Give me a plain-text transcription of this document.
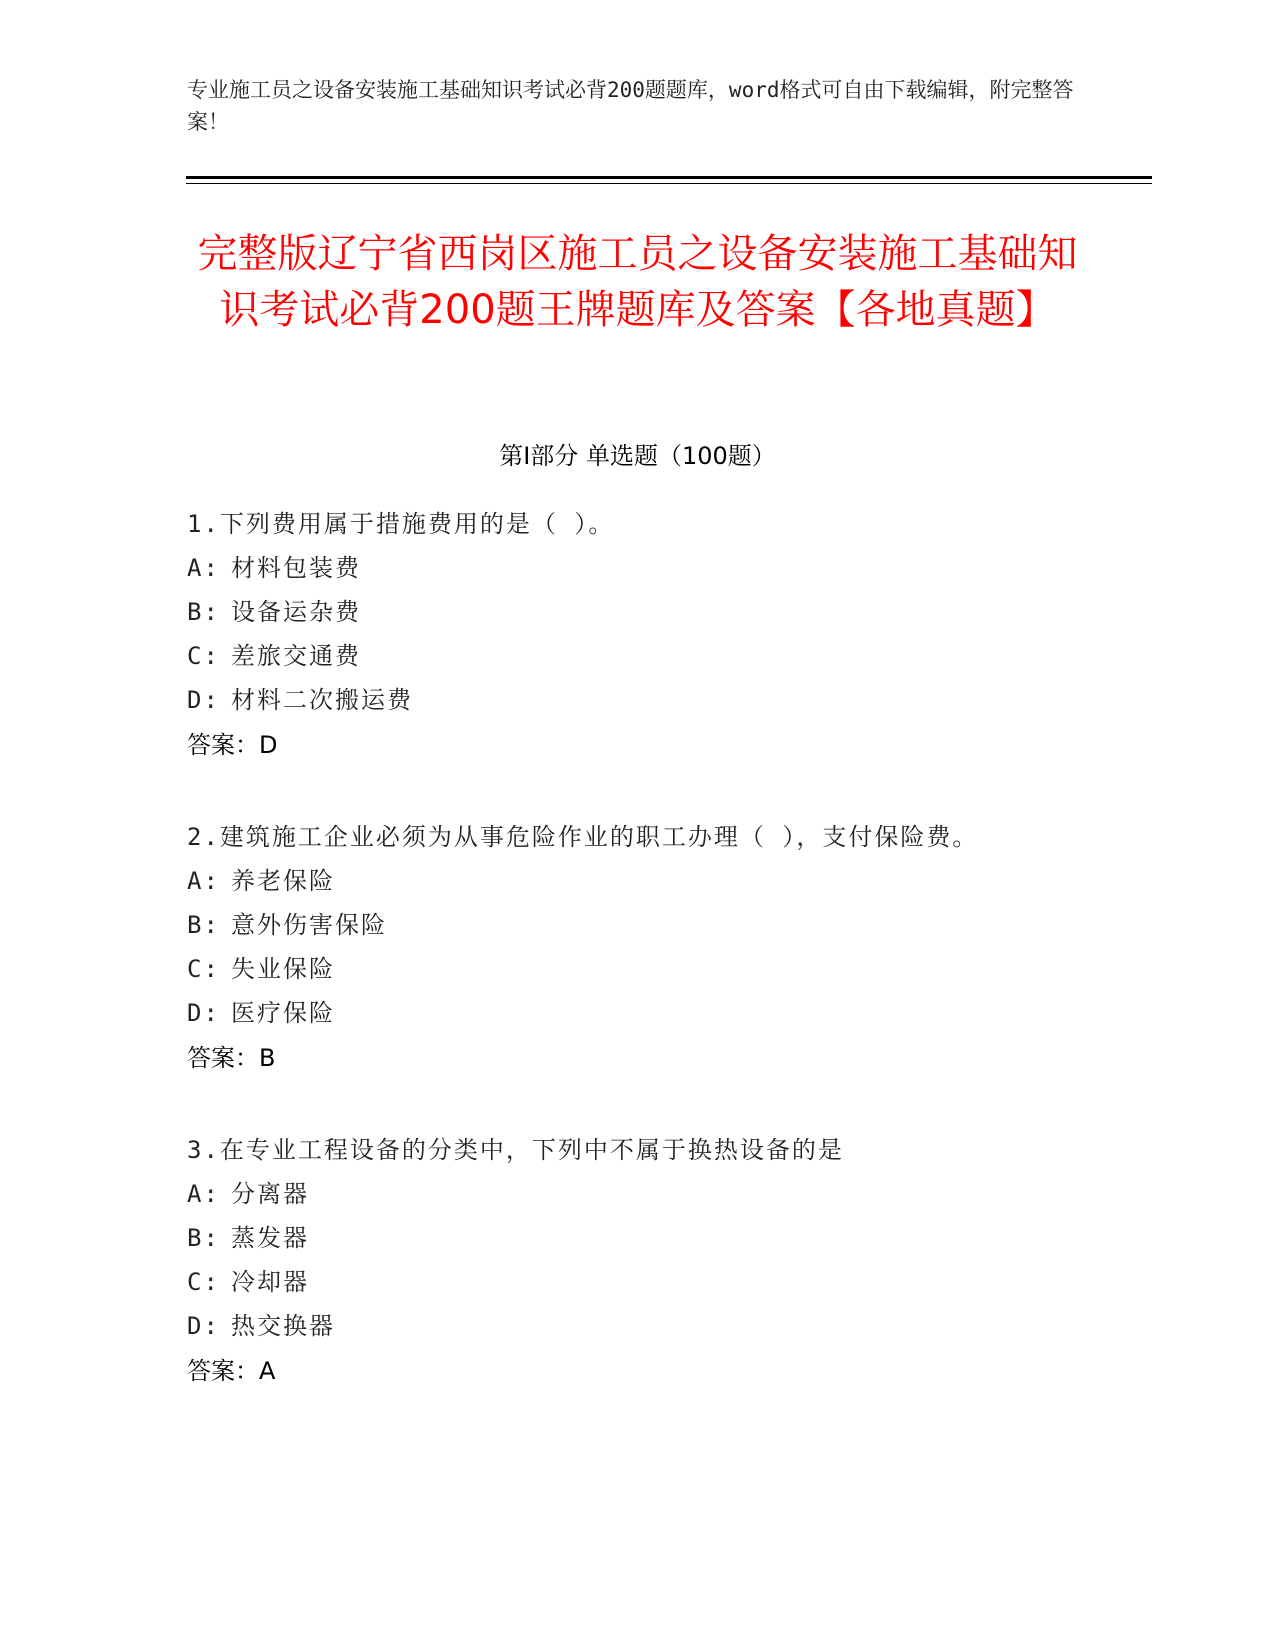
专业施工员之设备安装施工基础知识考试必背200题题库，word格式可自由下载编辑，附完整答案！
完整版辽宁省西岗区施工员之设备安装施工基础知识考试必背200题王牌题库及答案【各地真题】
第Ⅰ部分 单选题（100题）
1.下列费用属于措施费用的是（ ）。
A: 材料包装费
B: 设备运杂费
C: 差旅交通费
D: 材料二次搬运费
答案：D
2.建筑施工企业必须为从事危险作业的职工办理（ ），支付保险费。
A: 养老保险
B: 意外伤害保险
C: 失业保险
D: 医疗保险
答案：B
3.在专业工程设备的分类中，下列中不属于换热设备的是
A: 分离器
B: 蒸发器
C: 冷却器
D: 热交换器
答案：A
